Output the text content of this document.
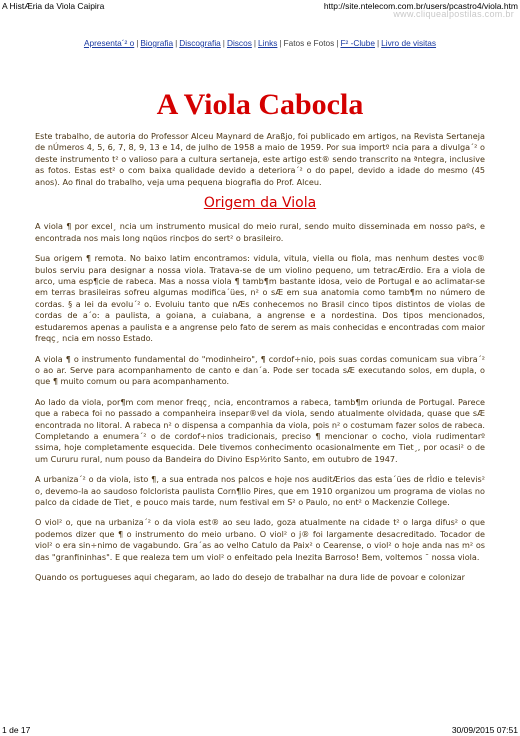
A HistÆria da Viola Caipira	http://site.ntelecom.com.br/users/pcastro4/viola.htm
www.cliquealpostilas.com.br
Apresenta´² o | Biografia | Discografia | Discos | Links | Fatos e Fotos | F² -Clube | Livro de visitas
A Viola Cabocla

Este trabalho, de autoria do Professor Alceu Maynard de Araßjo, foi publicado em artigos, na Revista Sertaneja de nÚmeros 4, 5, 6, 7, 8, 9, 13 e 14, de julho de 1958 a maio de 1959. Por sua importº ncia para a divulga´² o deste instrumento t² o valioso para a cultura sertaneja, este artigo est® sendo transcrito na ªntegra, inclusive as fotos. Estas est² o com baixa qualidade devido a deteriora´² o do papel, devido a idade do mesmo (45 anos). Ao final do trabalho, veja uma pequena biografia do Prof. Alceu.

Origem da Viola

A viola ¶ por excel¸ ncia um instrumento musical do meio rural, sendo muito disseminada em nosso paºs, e encontrada nos mais long nqüos rincþos do sert² o brasileiro.

Sua origem ¶ remota. No baixo latim encontramos: vidula, vitula, viella ou fiola, mas nenhum destes voc® bulos serviu para designar a nossa viola. Tratava-se de um violino pequeno, um tetracÆrdio. Era a viola de arco, uma esp¶cie de rabeca. Mas a nossa viola ¶ tamb¶m bastante idosa, veio de Portugal e ao aclimatar-se em terras brasileiras sofreu algumas modifica´ües, n² o sÆ em sua anatomia como tamb¶m no número de cordas. § a lei da evolu´² o. Evoluiu tanto que nÆs conhecemos no Brasil cinco tipos distintos de violas de cordas de a´o: a paulista, a goiana, a cuiabana, a angrense e a nordestina. Dos tipos mencionados, estudaremos apenas a paulista e a angrense pelo fato de serem as mais conhecidas e encontradas com maior freqç¸ ncia em nosso Estado.

A viola ¶ o instrumento fundamental do "modinheiro", ¶ cordof÷nio, pois suas cordas comunicam sua vibra´² o ao ar. Serve para acompanhamento de canto e dan´a. Pode ser tocada sÆ executando solos, em dupla, o que ¶ muito comum ou para acompanhamento.

Ao lado da viola, por¶m com menor freqç¸ ncia, encontramos a rabeca, tamb¶m oriunda de Portugal. Parece que a rabeca foi no passado a companheira insepar®vel da viola, sendo atualmente olvidada, quase que sÆ encontrada no litoral. A rabeca n² o dispensa a companhia da viola, pois n² o costumam fazer solos de rabeca. Completando a enumera´² o de cordof÷nios tradicionais, preciso ¶ mencionar o cocho, viola rudimentarº ssima, hoje completamente esquecida. Dele tivemos conhecimento ocasionalmente em Tiet¸, por ocasi² o de um Cururu rural, num pouso da Bandeira do Divino Esp½rito Santo, em outubro de 1947.

A urbaniza´² o da viola, isto ¶, a sua entrada nos palcos e hoje nos auditÆrios das esta´ües de rÌdio e televis² o, devemo-la ao saudoso folclorista paulista Corn¶lio Pires, que em 1910 organizou um programa de violas no palco da cidade de Tiet¸ e pouco mais tarde, num festival em S² o Paulo, no ent² o Mackenzie College.

O viol² o, que na urbaniza´² o da viola est® ao seu lado, goza atualmente na cidade t² o larga difus² o que podemos dizer que ¶ o instrumento do meio urbano. O viol² o j® foi largamente desacreditado. Tocador de viol² o era sin÷nimo de vagabundo. Gra´as ao velho Catulo da Paix² o Cearense, o viol² o hoje anda nas m² os das "granfininhas". E que realeza tem um viol² o enfeitado pela Inezita Barroso! Bem, voltemos ¯ nossa viola.

Quando os portugueses aqui chegaram, ao lado do desejo de trabalhar na dura lide de povoar e colonizar

1 de 17	30/09/2015 07:51
